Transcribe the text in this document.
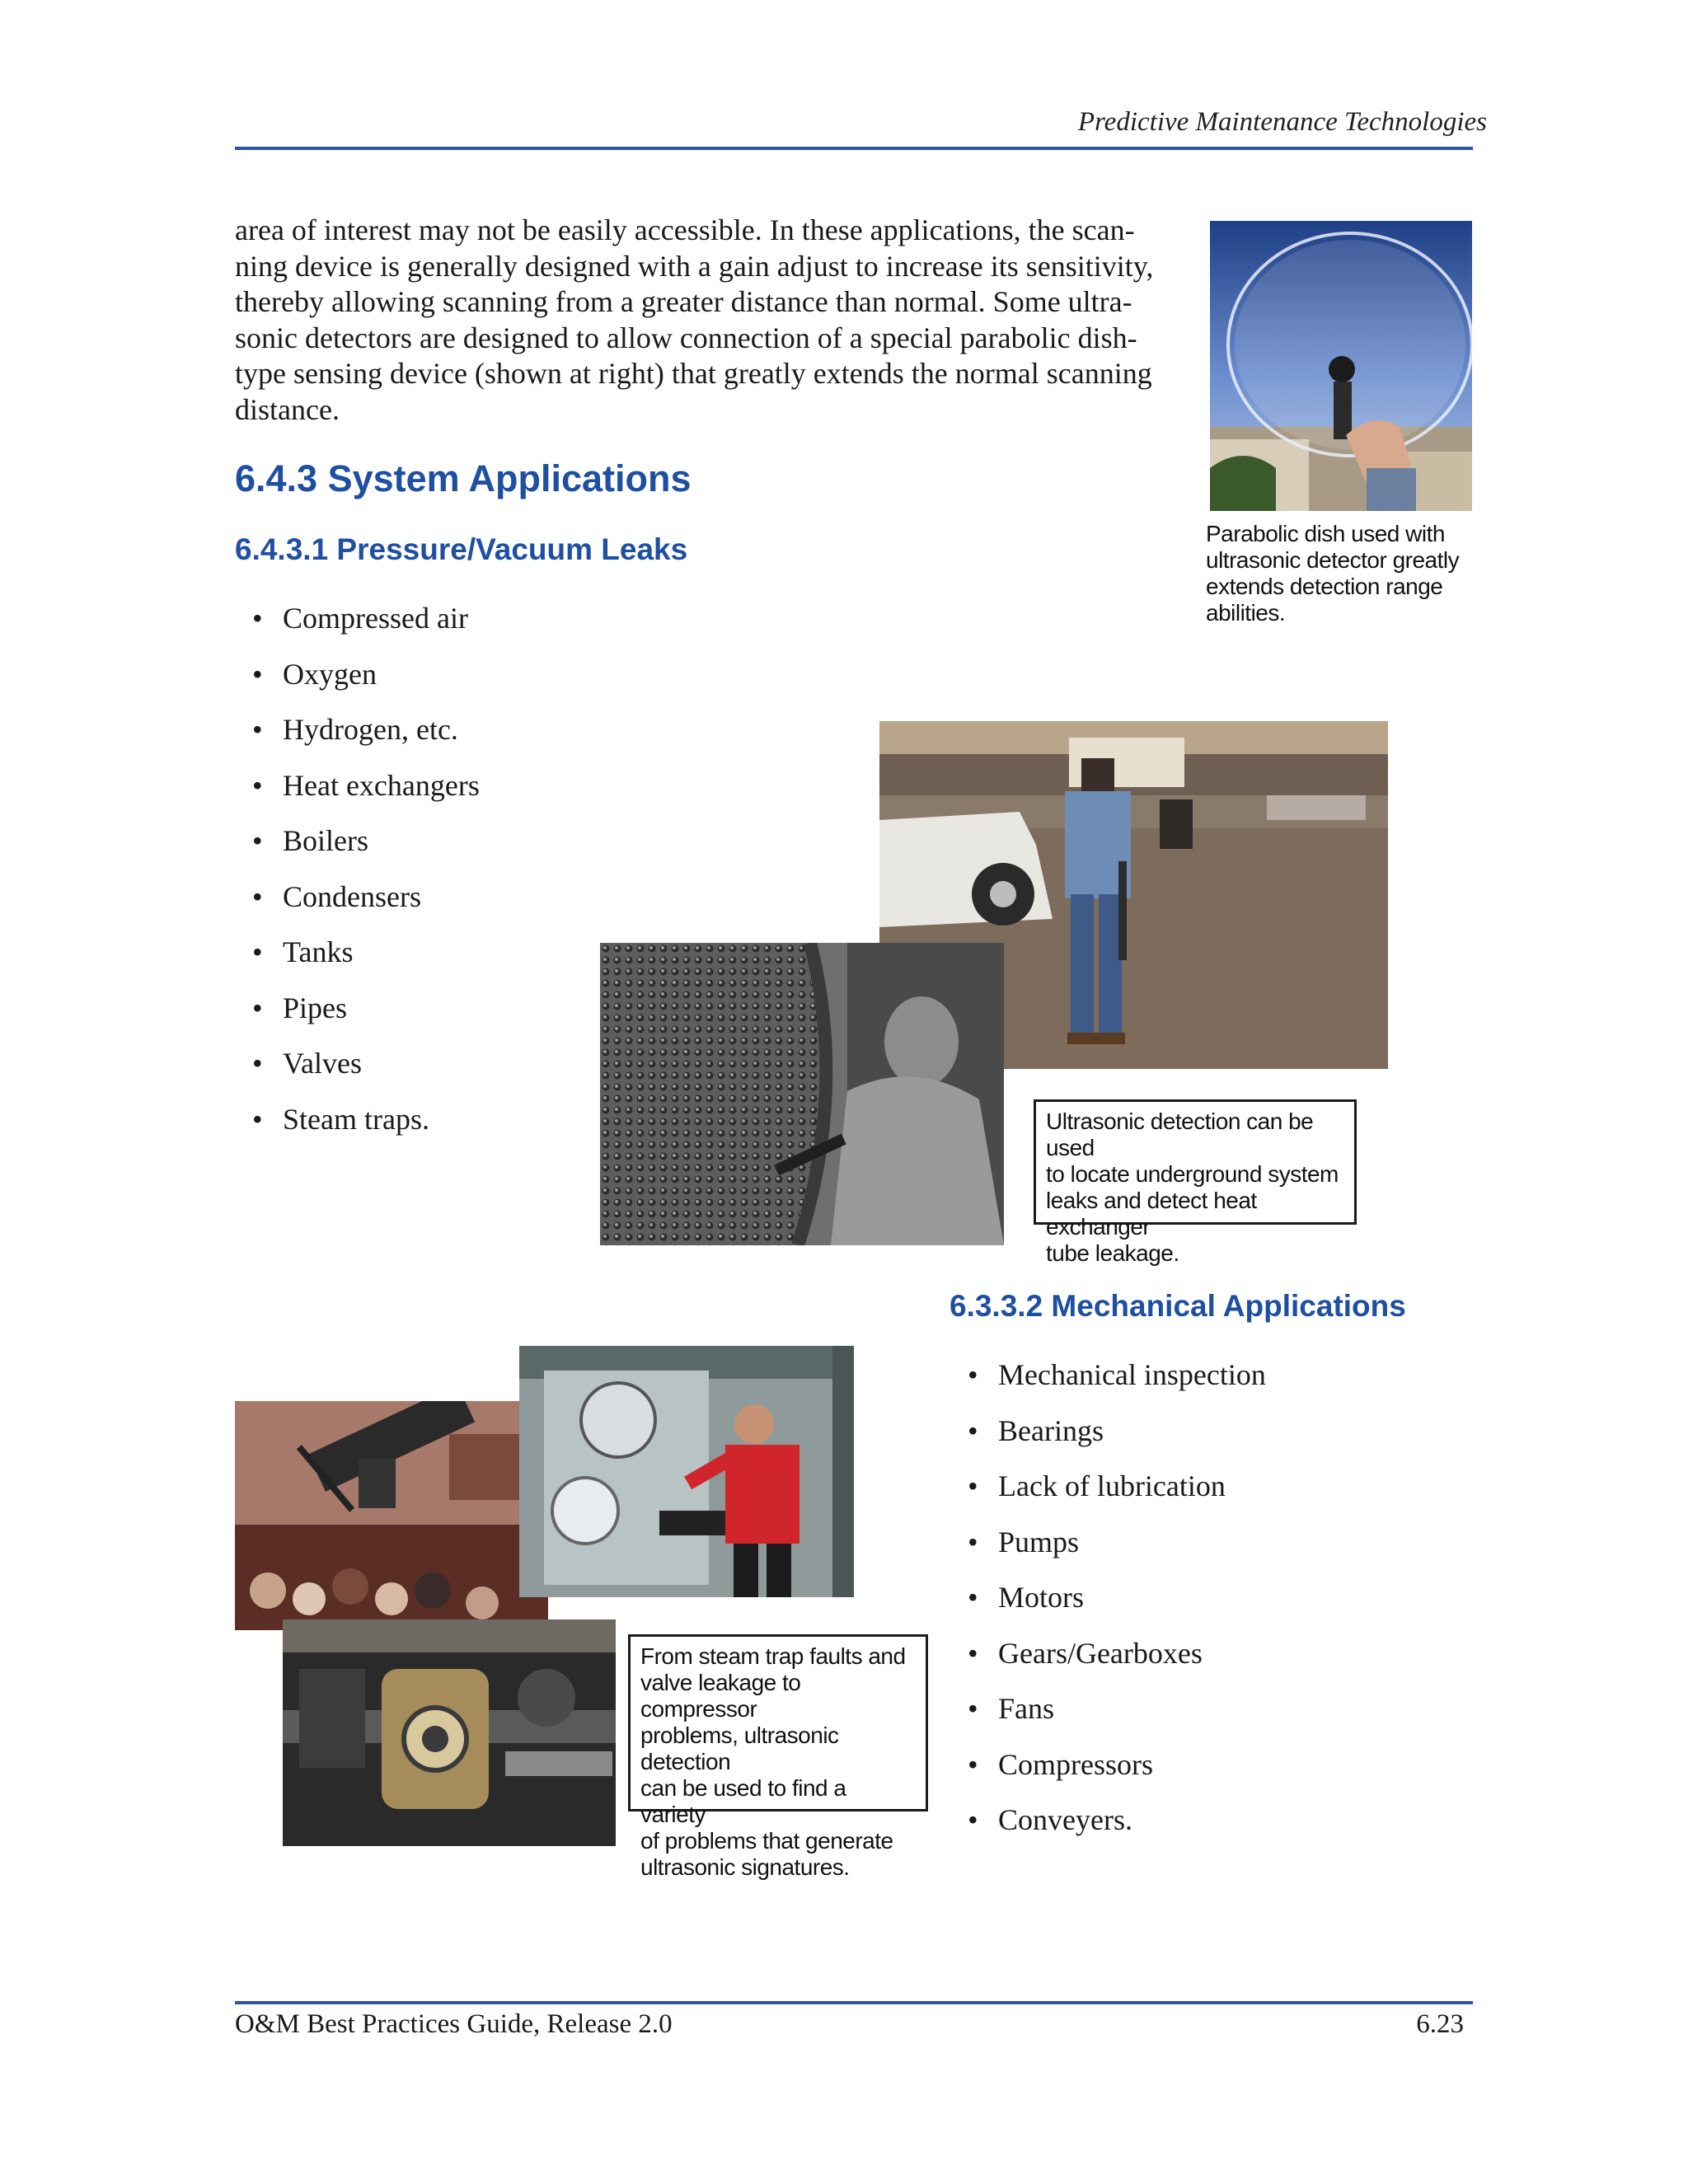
Predictive Maintenance Technologies
area of interest may not be easily accessible. In these applications, the scan-
ning device is generally designed with a gain adjust to increase its sensitivity,
thereby allowing scanning from a greater distance than normal. Some ultra-
sonic detectors are designed to allow connection of a special parabolic dish-
type sensing device (shown at right) that greatly extends the normal scanning
distance.
Parabolic dish used with
ultrasonic detector greatly
extends detection range
abilities.
6.4.3 System Applications
6.4.3.1 Pressure/Vacuum Leaks
• Compressed air
• Oxygen
• Hydrogen, etc.
• Heat exchangers
• Boilers
• Condensers
• Tanks
• Pipes
• Valves
• Steam traps.	Ultrasonic detection can be used
to locate underground system
leaks and detect heat exchanger
tube leakage.
6.3.3.2 Mechanical Applications
• Mechanical inspection
• Bearings
• Lack of lubrication
• Pumps
• Motors
• Gears/Gearboxes
• Fans
• Compressors
• Conveyers.
From steam trap faults and
valve leakage to compressor
problems, ultrasonic detection
can be used to find a variety
of problems that generate
ultrasonic signatures.
O&M Best Practices Guide, Release 2.0	6.23
